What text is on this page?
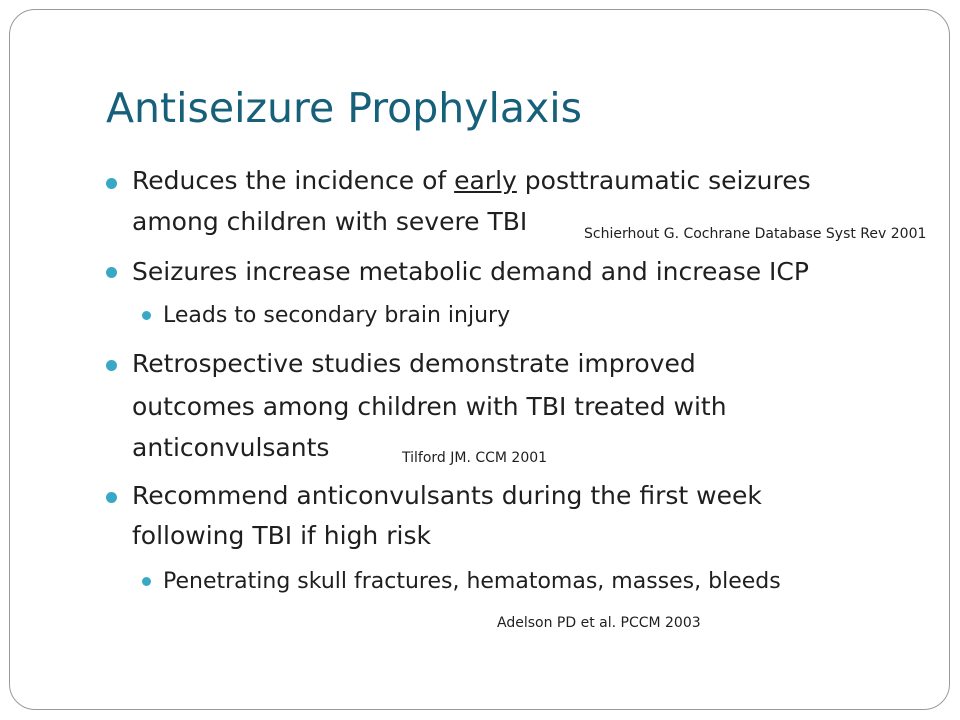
Antiseizure Prophylaxis
Reduces the incidence of early posttraumatic seizures
among children with severe TBI	Schierhout G. Cochrane Database Syst Rev 2001
Seizures increase metabolic demand and increase ICP
Leads to secondary brain injury
Retrospective studies demonstrate improved
outcomes among children with TBI treated with
anticonvulsants	Tilford JM. CCM 2001
Recommend anticonvulsants during the first week
following TBI if high risk
Penetrating skull fractures, hematomas, masses, bleeds
Adelson PD et al. PCCM 2003
